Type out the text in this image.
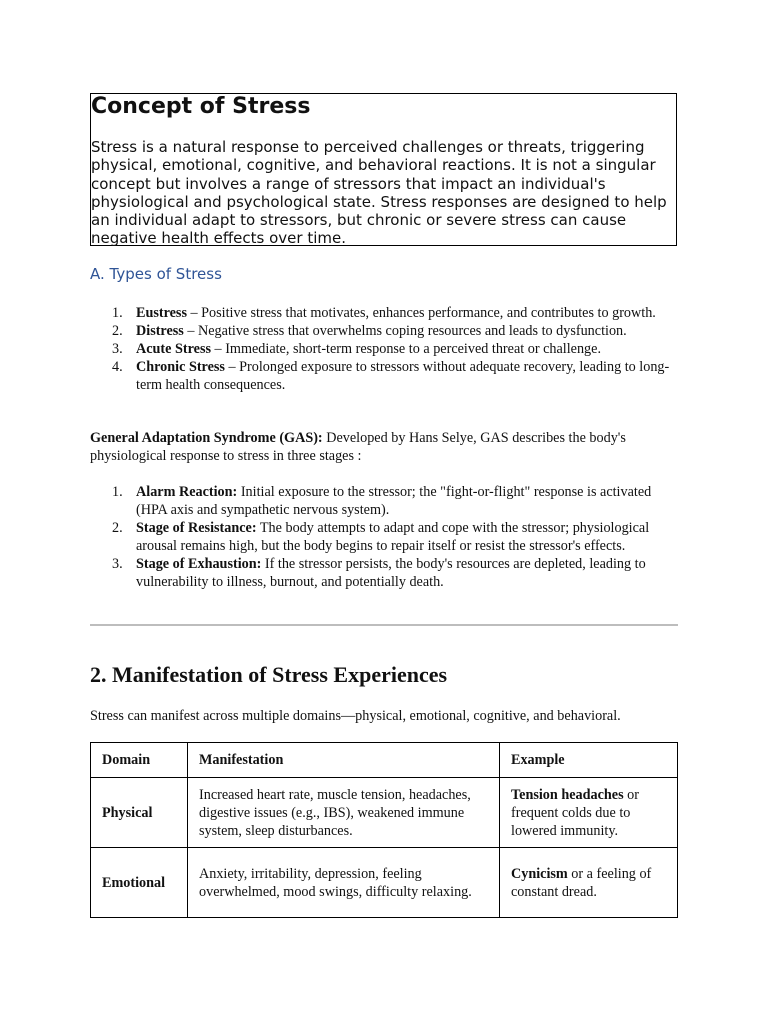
Concept of Stress

Stress is a natural response to perceived challenges or threats, triggering physical, emotional, cognitive, and behavioral reactions. It is not a singular concept but involves a range of stressors that impact an individual's physiological and psychological state. Stress responses are designed to help an individual adapt to stressors, but chronic or severe stress can cause negative health effects over time.

A. Types of Stress
1. Eustress – Positive stress that motivates, enhances performance, and contributes to growth.
2. Distress – Negative stress that overwhelms coping resources and leads to dysfunction.
3. Acute Stress – Immediate, short-term response to a perceived threat or challenge.
4. Chronic Stress – Prolonged exposure to stressors without adequate recovery, leading to long-term health consequences.

General Adaptation Syndrome (GAS): Developed by Hans Selye, GAS describes the body's physiological response to stress in three stages :

1. Alarm Reaction: Initial exposure to the stressor; the "fight-or-flight" response is activated (HPA axis and sympathetic nervous system).
2. Stage of Resistance: The body attempts to adapt and cope with the stressor; physiological arousal remains high, but the body begins to repair itself or resist the stressor's effects.
3. Stage of Exhaustion: If the stressor persists, the body's resources are depleted, leading to vulnerability to illness, burnout, and potentially death.
2. Manifestation of Stress Experiences

Stress can manifest across multiple domains—physical, emotional, cognitive, and behavioral.

Domain	Manifestation	Example
Physical	Increased heart rate, muscle tension, headaches, digestive issues (e.g., IBS), weakened immune system, sleep disturbances.	Tension headaches or frequent colds due to lowered immunity.
Emotional	Anxiety, irritability, depression, feeling overwhelmed, mood swings, difficulty relaxing.	Cynicism or a feeling of constant dread.
